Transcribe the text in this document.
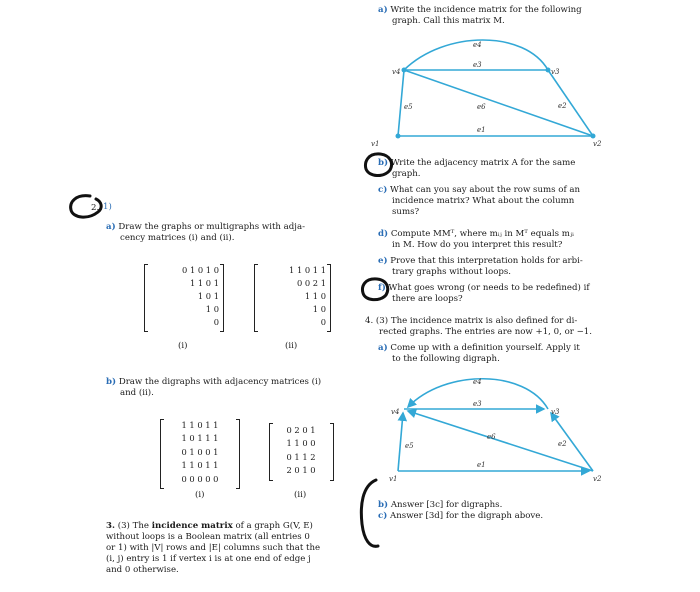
2. 1)
a) Draw the graphs or multigraphs with adja-
cency matrices (i) and (ii).
0 1 0 1 0
1 1 0 1
1 0 1
1 0
0
(i)
1 1 0 1 1
0 0 2 1
1 1 0
1 0
0
(ii)
b) Draw the digraphs with adjacency matrices (i)
and (ii).
1 1 0 1 1
1 0 1 1 1
0 1 0 0 1
1 1 0 1 1
0 0 0 0 0
(i)
0 2 0 1
1 1 0 0
0 1 1 2
2 0 1 0
(ii)
3. (3) The incidence matrix of a graph G(V, E)
without loops is a Boolean matrix (all entries 0
or 1) with |V| rows and |E| columns such that the
(i, j) entry is 1 if vertex i is at one end of edge j
and 0 otherwise.
a) Write the incidence matrix for the following
graph. Call this matrix M.
e4
e3
v4	v3
e5	e6	e2
e1
v1	v2
b) Write the adjacency matrix A for the same
graph.
c) What can you say about the row sums of an
incidence matrix? What about the column
sums?
d) Compute MMᵀ, where mᵢⱼ in Mᵀ equals mⱼᵢ
in M. How do you interpret this result?
e) Prove that this interpretation holds for arbi-
trary graphs without loops.
f) What goes wrong (or needs to be redefined) if
there are loops?
4. (3) The incidence matrix is also defined for di-
rected graphs. The entries are now +1, 0, or −1.
a) Come up with a definition yourself. Apply it
to the following digraph.
e4
e3
v4	v3
e5
e6
e2
e1
v1	v2
b) Answer [3c] for digraphs.
c) Answer [3d] for the digraph above.
